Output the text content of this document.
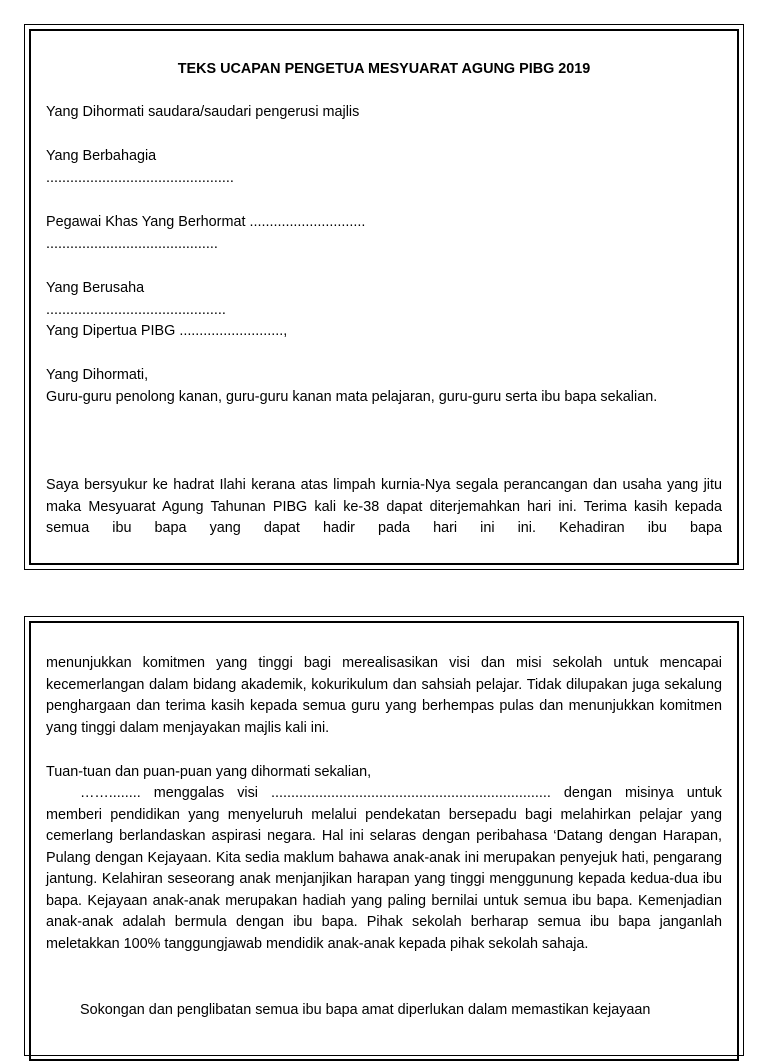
TEKS UCAPAN PENGETUA MESYUARAT AGUNG PIBG 2019

Yang Dihormati saudara/saudari pengerusi majlis

Yang Berbahagia

...............................................

Pegawai Khas Yang Berhormat .............................

...........................................

Yang Berusaha

.............................................

Yang Dipertua PIBG ..........................,

Yang Dihormati,

Guru-guru penolong kanan, guru-guru kanan mata pelajaran, guru-guru serta ibu bapa sekalian.

Saya bersyukur ke hadrat Ilahi kerana atas limpah kurnia-Nya segala perancangan dan usaha yang jitu maka Mesyuarat Agung Tahunan PIBG kali ke-38 dapat diterjemahkan hari ini. Terima kasih kepada semua ibu bapa yang dapat hadir pada hari ini ini. Kehadiran ibu bapa

menunjukkan komitmen yang tinggi bagi merealisasikan visi dan misi sekolah untuk mencapai kecemerlangan dalam bidang akademik, kokurikulum dan sahsiah pelajar. Tidak dilupakan juga sekalung penghargaan dan terima kasih kepada semua guru yang berhempas pulas dan menunjukkan komitmen yang tinggi dalam menjayakan majlis kali ini.

Tuan-tuan dan puan-puan yang dihormati sekalian,

……........ menggalas visi ...................................................................... dengan misinya untuk memberi pendidikan yang menyeluruh melalui pendekatan bersepadu bagi melahirkan pelajar yang cemerlang berlandaskan aspirasi negara. Hal ini selaras dengan peribahasa ‘Datang dengan Harapan, Pulang dengan Kejayaan. Kita sedia maklum bahawa anak-anak ini merupakan penyejuk hati, pengarang jantung. Kelahiran seseorang anak menjanjikan harapan yang tinggi menggunung kepada kedua-dua ibu bapa. Kejayaan anak-anak merupakan hadiah yang paling bernilai untuk semua ibu bapa. Kemenjadian anak-anak adalah bermula dengan ibu bapa. Pihak sekolah berharap semua ibu bapa janganlah meletakkan 100% tanggungjawab mendidik anak-anak kepada pihak sekolah sahaja.

Sokongan dan penglibatan semua ibu bapa amat diperlukan dalam memastikan kejayaan
